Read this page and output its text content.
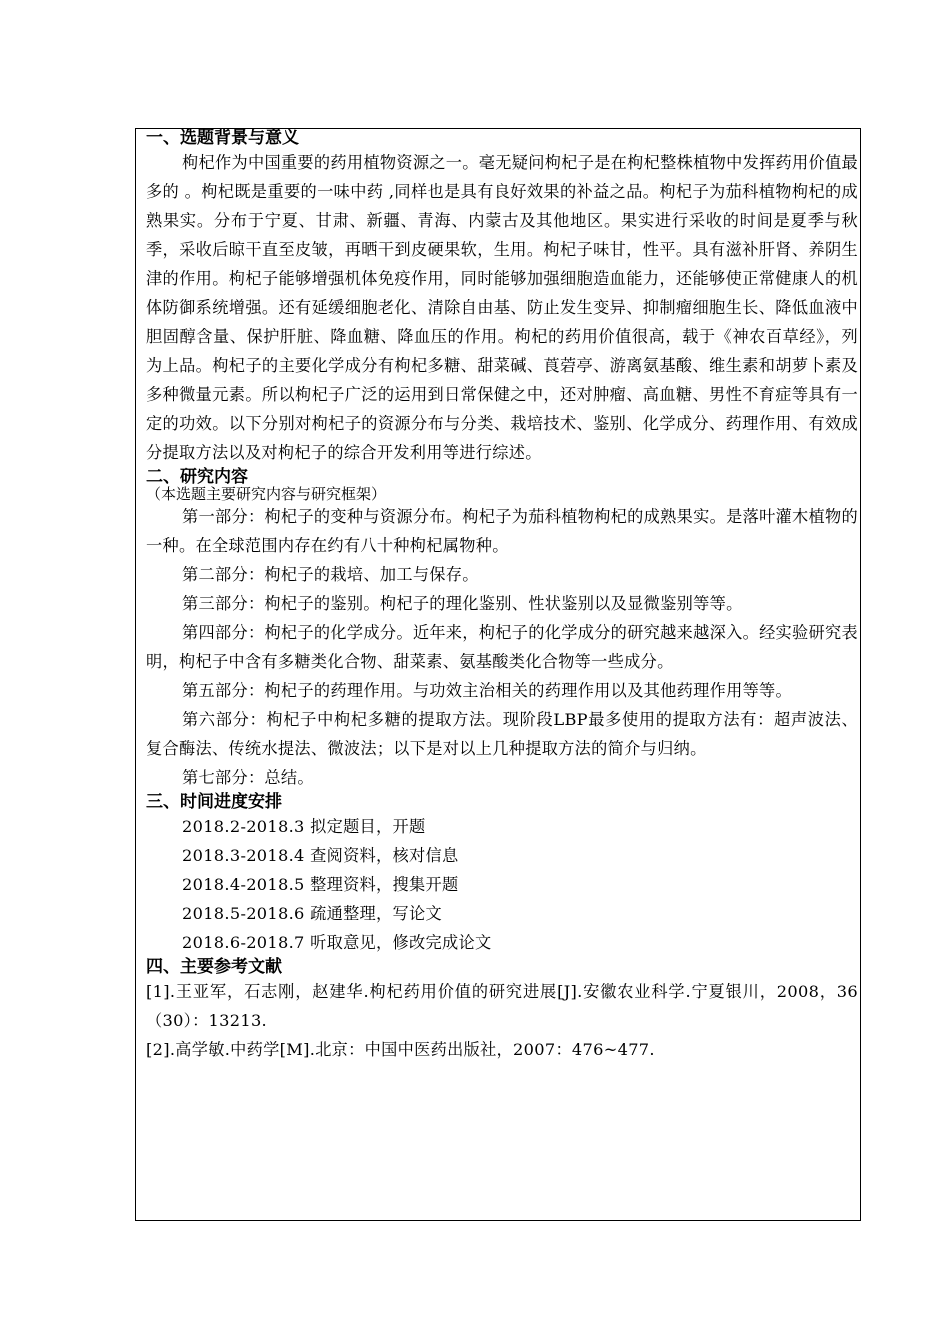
一、选题背景与意义

枸杞作为中国重要的药用植物资源之一。毫无疑问枸杞子是在枸杞整株植物中发挥药用价值最多的 。枸杞既是重要的一味中药 ,同样也是具有良好效果的补益之品。枸杞子为茄科植物枸杞的成熟果实。分布于宁夏、甘肃、新疆、青海、内蒙古及其他地区。果实进行采收的时间是夏季与秋季，采收后晾干直至皮皱，再晒干到皮硬果软，生用。枸杞子味甘，性平。具有滋补肝肾、养阴生津的作用。枸杞子能够增强机体免疫作用，同时能够加强细胞造血能力，还能够使正常健康人的机体防御系统增强。还有延缓细胞老化、清除自由基、防止发生变异、抑制瘤细胞生长、降低血液中胆固醇含量、保护肝脏、降血糖、降血压的作用。枸杞的药用价值很高，载于《神农百草经》，列为上品。枸杞子的主要化学成分有枸杞多糖、甜菜碱、莨菪亭、游离氨基酸、维生素和胡萝卜素及多种微量元素。所以枸杞子广泛的运用到日常保健之中，还对肿瘤、高血糖、男性不育症等具有一定的功效。以下分别对枸杞子的资源分布与分类、栽培技术、鉴别、化学成分、药理作用、有效成分提取方法以及对枸杞子的综合开发利用等进行综述。

二、研究内容

（本选题主要研究内容与研究框架）

第一部分：枸杞子的变种与资源分布。枸杞子为茄科植物枸杞的成熟果实。是落叶灌木植物的一种。在全球范围内存在约有八十种枸杞属物种。

第二部分：枸杞子的栽培、加工与保存。

第三部分：枸杞子的鉴别。枸杞子的理化鉴别、性状鉴别以及显微鉴别等等。

第四部分：枸杞子的化学成分。近年来，枸杞子的化学成分的研究越来越深入。经实验研究表明，枸杞子中含有多糖类化合物、甜菜素、氨基酸类化合物等一些成分。

第五部分：枸杞子的药理作用。与功效主治相关的药理作用以及其他药理作用等等。

第六部分：枸杞子中枸杞多糖的提取方法。现阶段LBP最多使用的提取方法有：超声波法、复合酶法、传统水提法、微波法；以下是对以上几种提取方法的简介与归纳。

第七部分：总结。

三、时间进度安排

2018.2-2018.3 拟定题目，开题

2018.3-2018.4 查阅资料，核对信息

2018.4-2018.5 整理资料，搜集开题

2018.5-2018.6 疏通整理，写论文

2018.6-2018.7 听取意见，修改完成论文

四、主要参考文献

[1].王亚军，石志刚，赵建华.枸杞药用价值的研究进展[J].安徽农业科学.宁夏银川，2008，36（30）：13213.

[2].高学敏.中药学[M].北京：中国中医药出版社，2007：476~477.
